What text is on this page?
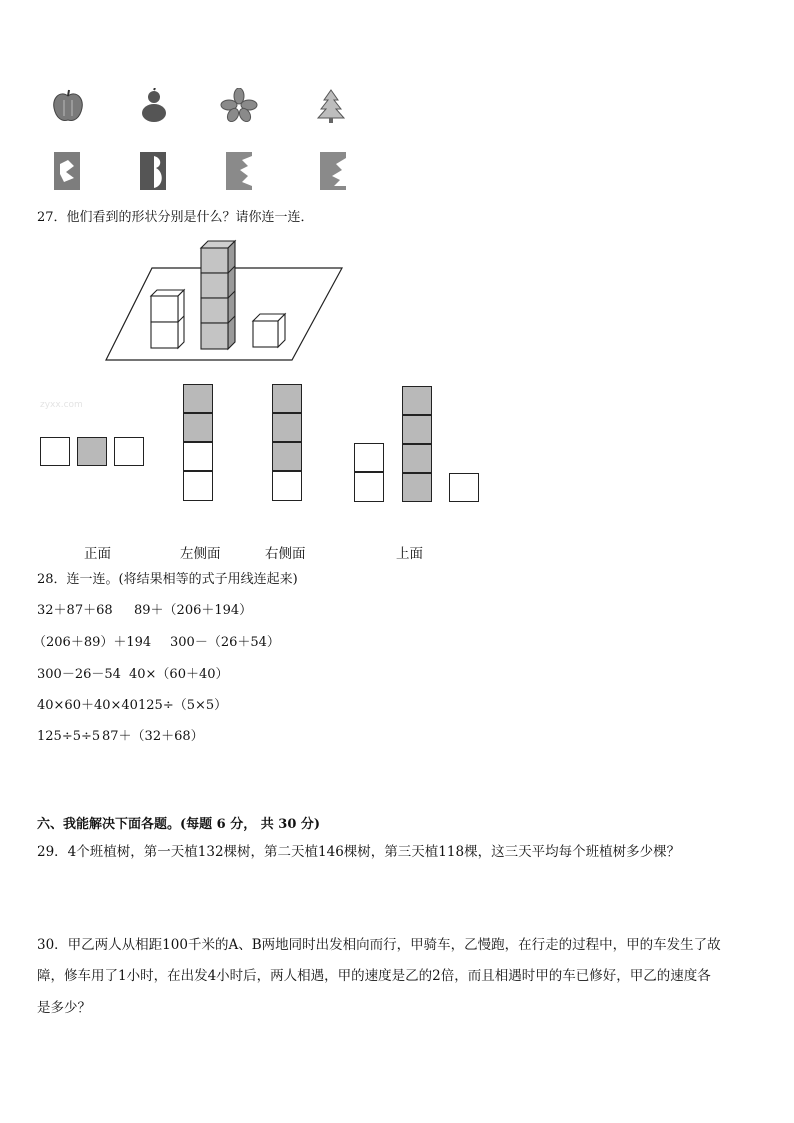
27．他们看到的形状分别是什么？请你连一连．
zyxx.com
正面	左侧面	右侧面	上面
28．连一连。(将结果相等的式子用线连起来)
32＋87＋68 89＋（206＋194）
（206＋89）＋194 300－（26＋54）
300－26－54 40×（60＋40）
40×60＋40×40 125÷（5×5）
125÷5÷5 87＋（32＋68）
六、我能解决下面各题。(每题 6 分， 共 30 分)
29．4个班植树，第一天植132棵树，第二天植146棵树，第三天植118棵，这三天平均每个班植树多少棵？
30．甲乙两人从相距100千米的A、B两地同时出发相向而行，甲骑车，乙慢跑，在行走的过程中，甲的车发生了故
障，修车用了1小时，在出发4小时后，两人相遇，甲的速度是乙的2倍，而且相遇时甲的车已修好，甲乙的速度各
是多少？
